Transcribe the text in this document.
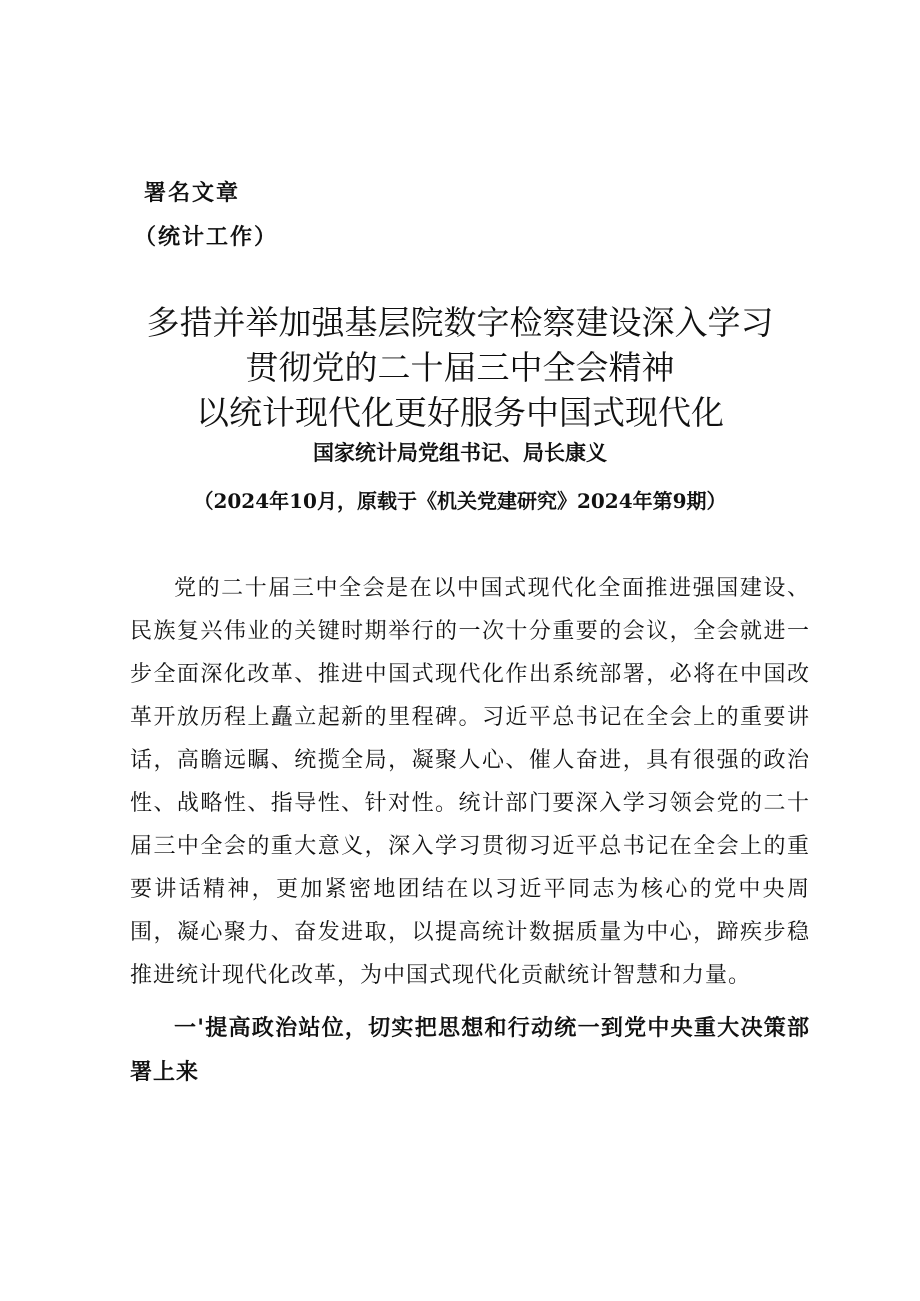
署名文章
（统计工作）
多措并举加强基层院数字检察建设深入学习
贯彻党的二十届三中全会精神
以统计现代化更好服务中国式现代化
国家统计局党组书记、局长康义
（2024年10月，原载于《机关党建研究》2024年第9期）

党的二十届三中全会是在以中国式现代化全面推进强国建设、民族复兴伟业的关键时期举行的一次十分重要的会议，全会就进一步全面深化改革、推进中国式现代化作出系统部署，必将在中国改革开放历程上矗立起新的里程碑。习近平总书记在全会上的重要讲话，高瞻远瞩、统揽全局，凝聚人心、催人奋进，具有很强的政治性、战略性、指导性、针对性。统计部门要深入学习领会党的二十届三中全会的重大意义，深入学习贯彻习近平总书记在全会上的重要讲话精神，更加紧密地团结在以习近平同志为核心的党中央周围，凝心聚力、奋发进取，以提高统计数据质量为中心，蹄疾步稳推进统计现代化改革，为中国式现代化贡献统计智慧和力量。

一'提高政治站位，切实把思想和行动统一到党中央重大决策部署上来
